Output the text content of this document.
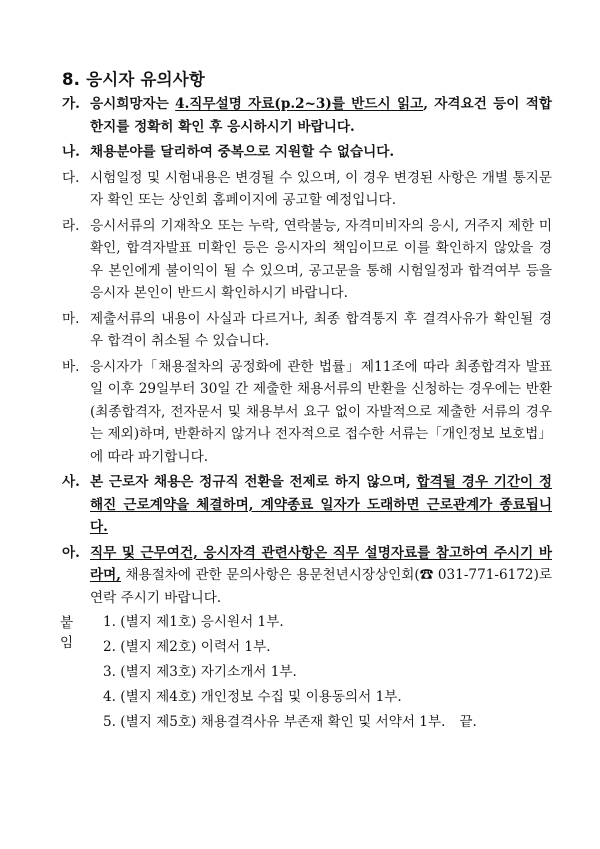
8. 응시자 유의사항
가. 응시희망자는 4.직무설명 자료(p.2~3)를 반드시 읽고, 자격요건 등이 적합한지를 정확히 확인 후 응시하시기 바랍니다.
나. 채용분야를 달리하여 중복으로 지원할 수 없습니다.
다. 시험일정 및 시험내용은 변경될 수 있으며, 이 경우 변경된 사항은 개별 통지문자 확인 또는 상인회 홈페이지에 공고할 예정입니다.
라. 응시서류의 기재착오 또는 누락, 연락불능, 자격미비자의 응시, 거주지 제한 미확인, 합격자발표 미확인 등은 응시자의 책임이므로 이를 확인하지 않았을 경우 본인에게 불이익이 될 수 있으며, 공고문을 통해 시험일정과 합격여부 등을 응시자 본인이 반드시 확인하시기 바랍니다.
마. 제출서류의 내용이 사실과 다르거나, 최종 합격통지 후 결격사유가 확인될 경우 합격이 취소될 수 있습니다.
바. 응시자가「채용절차의 공정화에 관한 법률」제11조에 따라 최종합격자 발표일 이후 29일부터 30일 간 제출한 채용서류의 반환을 신청하는 경우에는 반환(최종합격자, 전자문서 및 채용부서 요구 없이 자발적으로 제출한 서류의 경우는 제외)하며, 반환하지 않거나 전자적으로 접수한 서류는「개인정보 보호법」에 따라 파기합니다.
사. 본 근로자 채용은 정규직 전환을 전제로 하지 않으며, 합격될 경우 기간이 정해진 근로계약을 체결하며, 계약종료 일자가 도래하면 근로관계가 종료됩니다.
아. 직무 및 근무여건, 응시자격 관련사항은 직무 설명자료를 참고하여 주시기 바라며, 채용절차에 관한 문의사항은 용문천년시장상인회(☎ 031-771-6172)로 연락 주시기 바랍니다.
붙임
1. (별지 제1호) 응시원서 1부.
2. (별지 제2호) 이력서 1부.
3. (별지 제3호) 자기소개서 1부.
4. (별지 제4호) 개인정보 수집 및 이용동의서 1부.
5. (별지 제5호) 채용결격사유 부존재 확인 및 서약서 1부. 끝.
